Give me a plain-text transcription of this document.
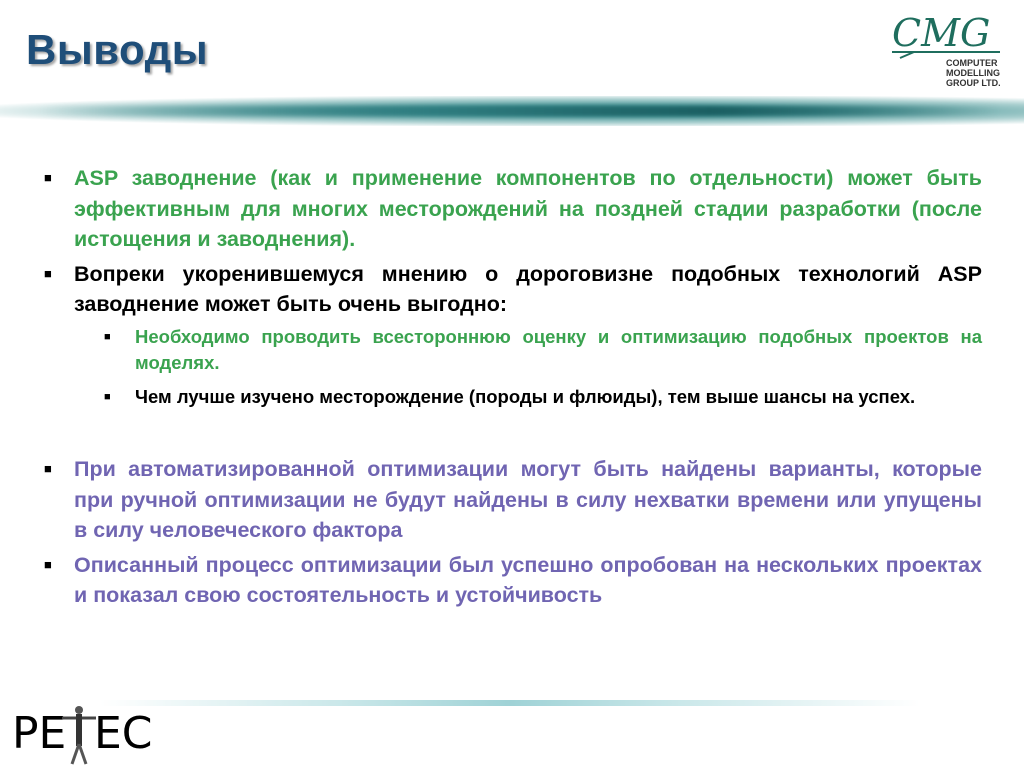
Выводы	CMG
COMPUTER
MODELLING
GROUP LTD.
■ ASP заводнение (как и применение компонентов по отдельности) может быть эффективным для многих месторождений на поздней стадии разработки (после истощения и заводнения).
■ Вопреки укоренившемуся мнению о дороговизне подобных технологий ASP заводнение может быть очень выгодно:
■ Необходимо проводить всестороннюю оценку и оптимизацию подобных проектов на моделях.
■ Чем лучше изучено месторождение (породы и флюиды), тем выше шансы на успех.
■ При автоматизированной оптимизации могут быть найдены варианты, которые при ручной оптимизации не будут найдены в силу нехватки времени или упущены в силу человеческого фактора
■ Описанный процесс оптимизации был успешно опробован на нескольких проектах и показал свою состоятельность и устойчивость
PE EC
